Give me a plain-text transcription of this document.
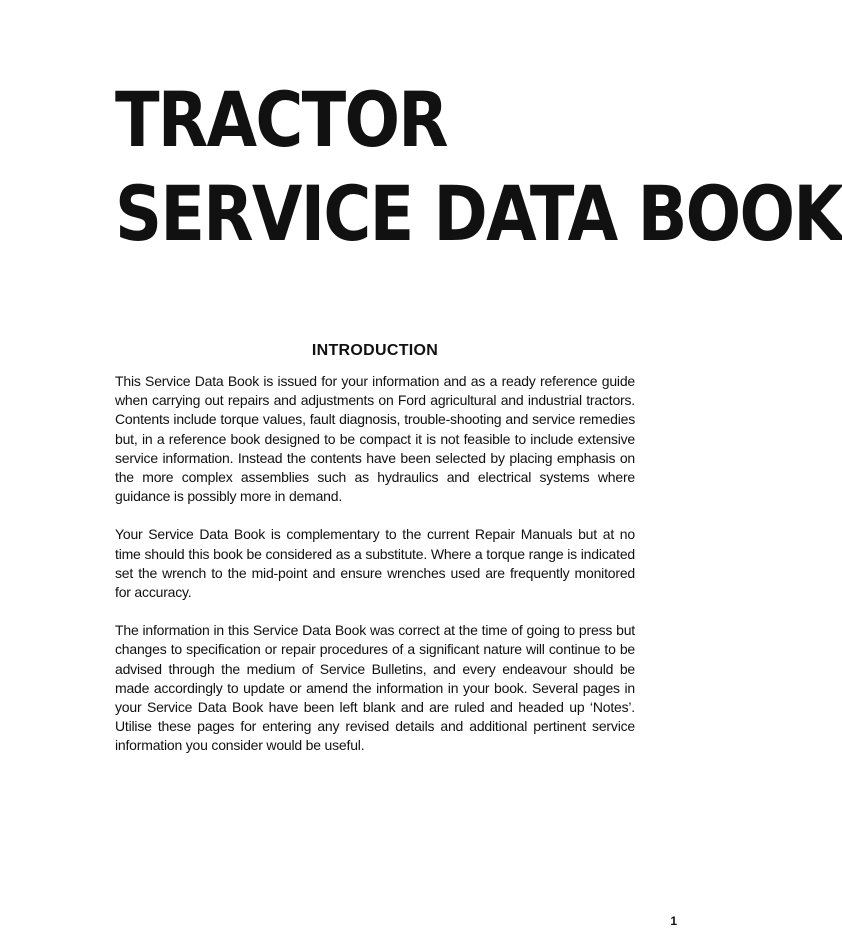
TRACTOR
SERVICE DATA BOOK
INTRODUCTION

This Service Data Book is issued for your information and as a ready reference guide when carrying out repairs and adjustments on Ford agricultural and industrial tractors. Contents include torque values, fault diagnosis, trouble-shooting and service remedies but, in a reference book designed to be compact it is not feasible to include extensive service information. Instead the contents have been selected by placing emphasis on the more complex assemblies such as hydraulics and electrical systems where guidance is possibly more in demand.

Your Service Data Book is complementary to the current Repair Manuals but at no time should this book be considered as a substitute. Where a torque range is indicated set the wrench to the mid-point and ensure wrenches used are frequently monitored for accuracy.

The information in this Service Data Book was correct at the time of going to press but changes to specification or repair procedures of a significant nature will continue to be advised through the medium of Service Bulletins, and every endeavour should be made accordingly to update or amend the information in your book. Several pages in your Service Data Book have been left blank and are ruled and headed up ‘Notes’. Utilise these pages for entering any revised details and additional pertinent service information you consider would be useful.

1
